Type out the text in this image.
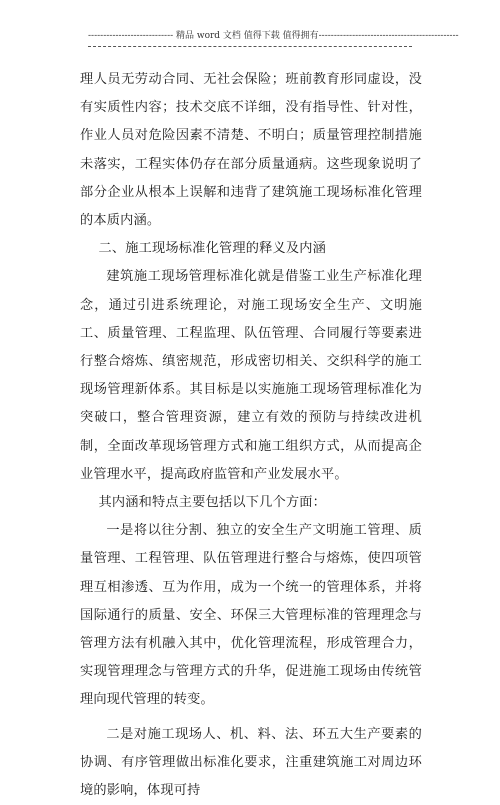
---------------------------- 精品 word 文档 值得下载 值得拥有----------------------------------------------

理人员无劳动合同、无社会保险；班前教育形同虚设，没有实质性内容；技术交底不详细，没有指导性、针对性，作业人员对危险因素不清楚、不明白；质量管理控制措施未落实，工程实体仍存在部分质量通病。这些现象说明了部分企业从根本上误解和违背了建筑施工现场标准化管理的本质内涵。

二、施工现场标准化管理的释义及内涵

建筑施工现场管理标准化就是借鉴工业生产标准化理念，通过引进系统理论，对施工现场安全生产、文明施工、质量管理、工程监理、队伍管理、合同履行等要素进行整合熔炼、缜密规范，形成密切相关、交织科学的施工现场管理新体系。其目标是以实施施工现场管理标准化为突破口，整合管理资源，建立有效的预防与持续改进机制，全面改革现场管理方式和施工组织方式，从而提高企业管理水平，提高政府监管和产业发展水平。

其内涵和特点主要包括以下几个方面：

一是将以往分割、独立的安全生产文明施工管理、质量管理、工程管理、队伍管理进行整合与熔炼，使四项管理互相渗透、互为作用，成为一个统一的管理体系，并将国际通行的质量、安全、环保三大管理标准的管理理念与管理方法有机融入其中，优化管理流程，形成管理合力，实现管理理念与管理方式的升华，促进施工现场由传统管理向现代管理的转变。

二是对施工现场人、机、料、法、环五大生产要素的协调、有序管理做出标准化要求，注重建筑施工对周边环境的影响，体现可持
